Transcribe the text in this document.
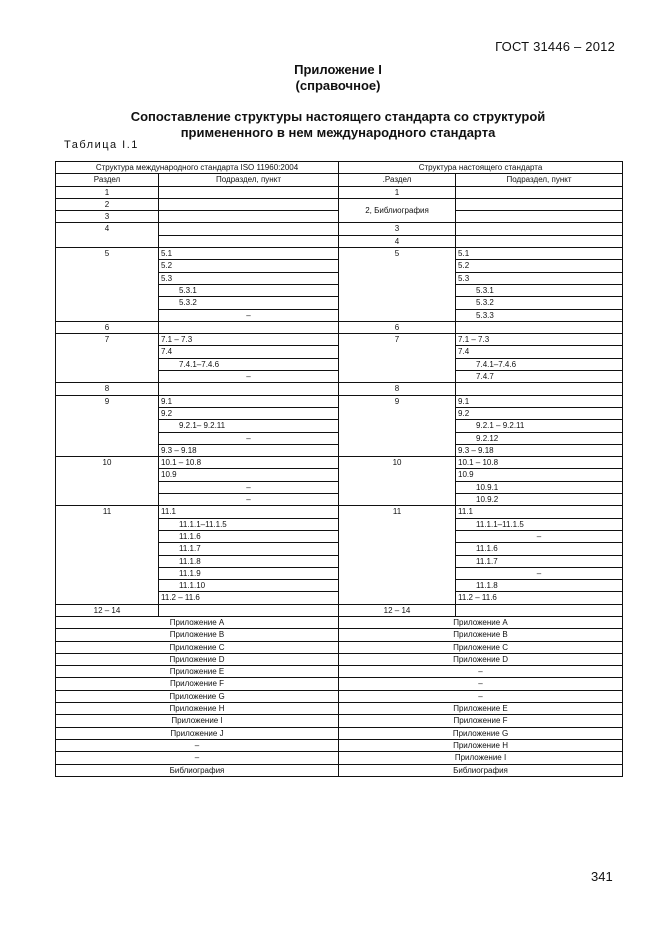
ГОСТ 31446 – 2012
Приложение I
(справочное)
Сопоставление структуры настоящего стандарта со структурой
примененного в нем международного стандарта
Таблица I.1
Структура международного стандарта ISO 11960:2004		Структура настоящего стандарта	
Раздел	Подраздел, пункт	.Раздел	Подраздел, пункт
1		1	
2		2, Библиография	
3			
4		3	
		4	
5	5.1	5	5.1
	5.2		5.2
	5.3		5.3
	5.3.1		5.3.1
	5.3.2		5.3.2
	–		5.3.3
6		6	
7	7.1 – 7.3	7	7.1 – 7.3
	7.4		7.4
	7.4.1–7.4.6		7.4.1–7.4.6
	–		7.4.7
8		8	
9	9.1	9	9.1
	9.2		9.2
	9.2.1– 9.2.11		9.2.1 – 9.2.11
	–		9.2.12
	9.3 – 9.18		9.3 – 9.18
10	10.1 – 10.8	10	10.1 – 10.8
	10.9		10.9
	–		10.9.1
	–		10.9.2
11	11.1	11	11.1
	11.1.1–11.1.5		11.1.1–11.1.5
	11.1.6		–
	11.1.7		11.1.6
	11.1.8		11.1.7
	11.1.9		–
	11.1.10		11.1.8
	11.2 – 11.6		11.2 – 11.6
12 – 14		12 – 14	
Приложение A		Приложение A	
Приложение B		Приложение B	
Приложение C		Приложение C	
Приложение D		Приложение D	
Приложение E		–	
Приложение F		–	
Приложение G		–	
Приложение H		Приложение E	
Приложение I		Приложение F	
Приложение J		Приложение G	
–		Приложение H	
–		Приложение I	
Библиография		Библиография	
341
